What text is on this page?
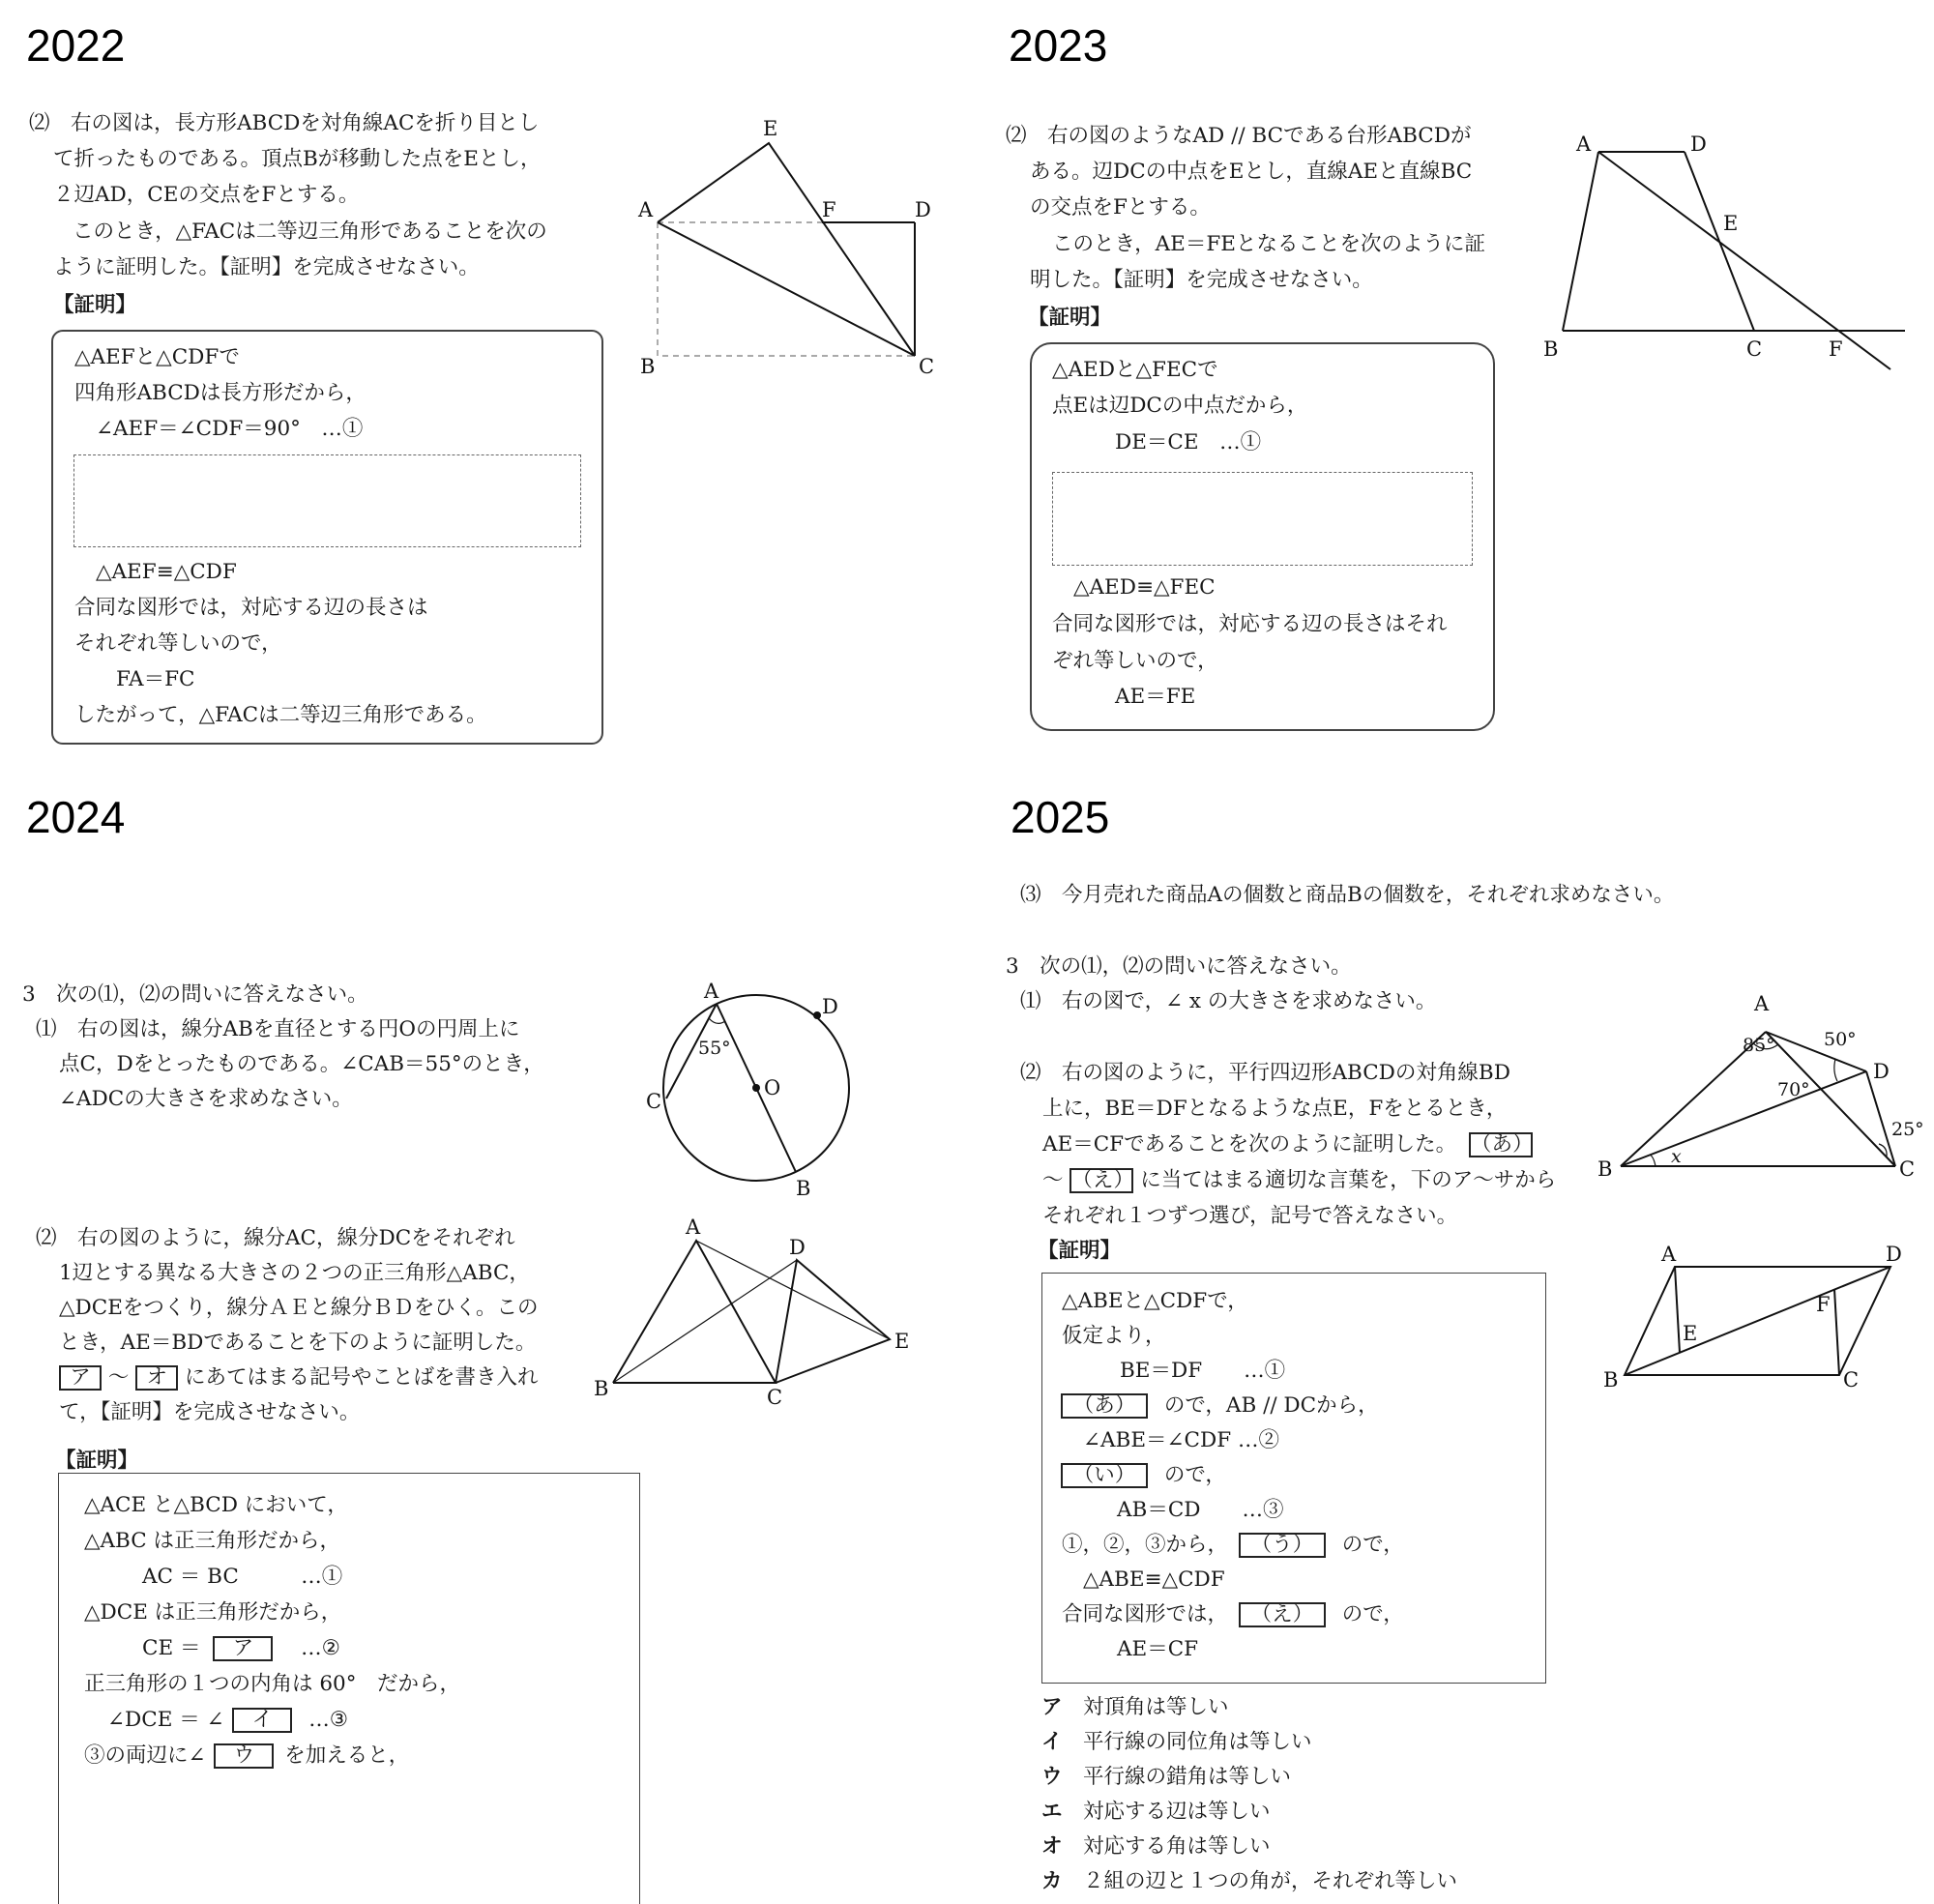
2022
⑵　右の図は，長方形ABCDを対角線ACを折り目とし
て折ったものである。頂点Bが移動した点をEとし，
２辺AD，CEの交点をFとする。
このとき，△FACは二等辺三角形であることを次の
ように証明した。【証明】を完成させなさい。
【証明】
△AEFと△CDFで
四角形ABCDは長方形だから，
∠AEF＝∠CDF＝90°　…①
△AEF≡△CDF
合同な図形では，対応する辺の長さは
それぞれ等しいので，
FA＝FC
したがって，△FACは二等辺三角形である。
E
A	F	D
B	C
2023
⑵　右の図のようなAD // BCである台形ABCDが
ある。辺DCの中点をEとし，直線AEと直線BC
の交点をFとする。
このとき，AE＝FEとなることを次のように証
明した。【証明】を完成させなさい。
【証明】
△AEDと△FECで
点Eは辺DCの中点だから，
DE＝CE　…①
△AED≡△FEC
合同な図形では，対応する辺の長さはそれ
ぞれ等しいので，
AE＝FE
A	D
E
B	C	F
2024
3　次の⑴，⑵の問いに答えなさい。
⑴　右の図は，線分ABを直径とする円Oの円周上に
点C，Dをとったものである。∠CAB＝55°のとき，
∠ADCの大きさを求めなさい。
A
D
C
O
B
55°
⑵　右の図のように，線分AC，線分DCをそれぞれ
1辺とする異なる大きさの２つの正三角形△ABC，
△DCEをつくり，線分ＡＥと線分ＢＤをひく。この
とき，AE＝BDであることを下のように証明した。
ア ～ オ にあてはまる記号やことばを書き入れ
て，【証明】を完成させなさい。
A
D
E
B	C
【証明】
△ACE と△BCD において，
△ABC は正三角形だから，
AC ＝ BC　　　…①
△DCE は正三角形だから，
CE ＝ ア …②
正三角形の１つの内角は 60°　だから，
∠DCE ＝ ∠ イ …③
③の両辺に∠ ウ を加えると，
2025
⑶　今月売れた商品Aの個数と商品Bの個数を，それぞれ求めなさい。
3　次の⑴，⑵の問いに答えなさい。
⑴　右の図で，∠ x の大きさを求めなさい。	A
85°	50°
D
70°
25°
B
x
C
⑵　右の図のように，平行四辺形ABCDの対角線BD
上に，BE＝DFとなるような点E，Fをとるとき，
AE＝CFであることを次のように証明した。 （あ）
～ （え） に当てはまる適切な言葉を，下のア～サから
それぞれ１つずつ選び，記号で答えなさい。
A	D
E
F
B	C
【証明】
△ABEと△CDFで，
仮定より，
BE＝DF　　…①
（あ） ので，AB // DCから，
∠ABE＝∠CDF …②
（い） ので，
AB＝CD　　…③
①，②，③から， （う） ので，
△ABE≡△CDF
合同な図形では， （え） ので，
AE＝CF
ア　 対頂角は等しい
イ　 平行線の同位角は等しい
ウ　 平行線の錯角は等しい
エ　 対応する辺は等しい
オ　 対応する角は等しい
カ　 ２組の辺と１つの角が，それぞれ等しい
